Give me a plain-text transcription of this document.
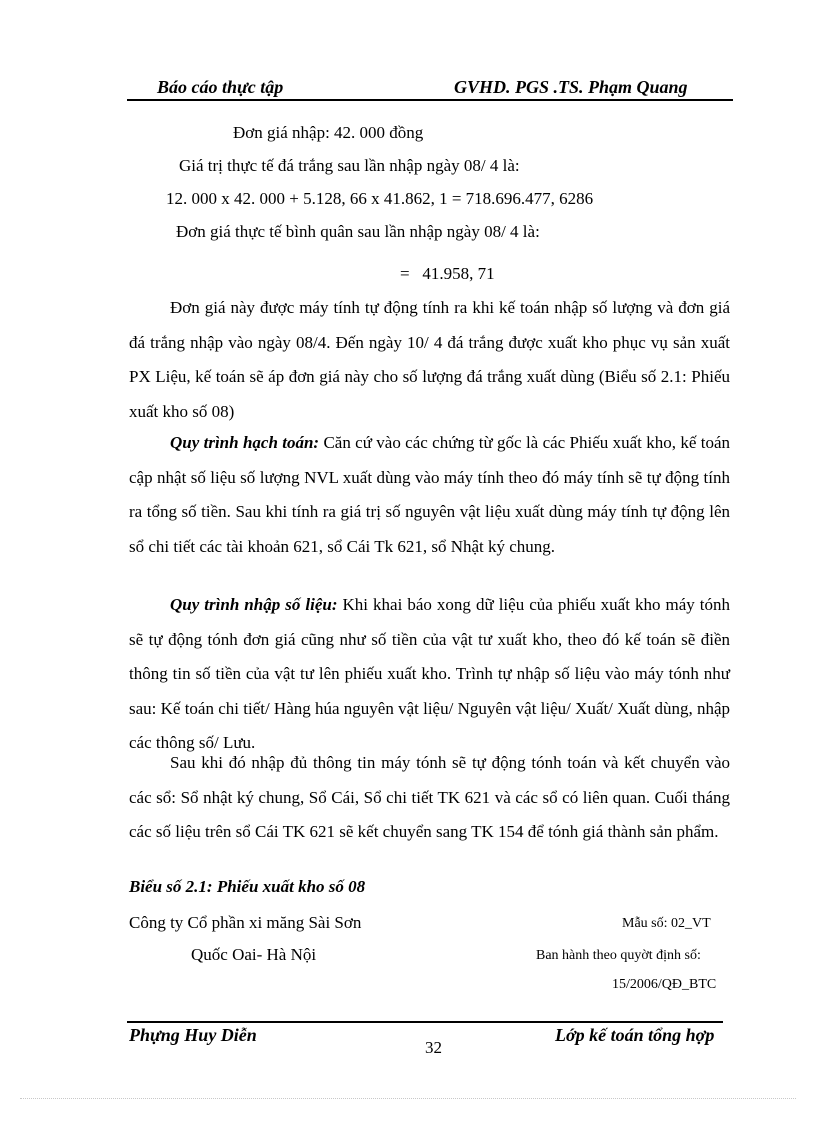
Báo cáo thực tập	GVHD. PGS .TS. Phạm Quang
Đơn giá nhập: 42. 000 đồng
Giá trị thực tế đá trắng sau lần nhập ngày 08/ 4 là:
12. 000 x 42. 000 + 5.128, 66 x 41.862, 1 = 718.696.477, 6286
Đơn giá thực tế bình quân sau lần nhập ngày 08/ 4 là:
=   41.958, 71

Đơn giá này được máy tính tự động tính ra khi kế toán nhập số lượng và đơn giá đá trắng nhập vào ngày 08/4. Đến ngày 10/ 4 đá trắng được xuất kho phục vụ sản xuất PX Liệu, kế toán sẽ áp đơn giá này cho số lượng đá trắng xuất dùng (Biểu số 2.1: Phiếu xuất kho số 08)

Quy trình hạch toán: Căn cứ vào các chứng từ gốc là các Phiếu xuất kho, kế toán cập nhật số liệu số lượng NVL xuất dùng vào máy tính theo đó máy tính sẽ tự động tính ra tổng số tiền. Sau khi tính ra giá trị số nguyên vật liệu xuất dùng máy tính tự động lên sổ chi tiết các tài khoản 621, sổ Cái Tk 621, sổ Nhật ký chung.

Quy trình nhập số liệu: Khi khai báo xong dữ liệu của phiếu xuất kho máy tónh sẽ tự động tónh đơn giá cũng như số tiền của vật tư xuất kho, theo đó kế toán sẽ điền thông tin số tiền của vật tư lên phiếu xuất kho. Trình tự nhập số liệu vào máy tónh như sau: Kế toán chi tiết/ Hàng húa nguyên vật liệu/ Nguyên vật liệu/ Xuất/ Xuất dùng, nhập các thông số/ Lưu.

Sau khi đó nhập đủ thông tin máy tónh sẽ tự động tónh toán và kết chuyển vào các sổ: Sổ nhật ký chung, Sổ Cái, Sổ chi tiết TK 621 và các sổ có liên quan. Cuối tháng các số liệu trên sổ Cái TK 621 sẽ kết chuyển sang TK 154 để tónh giá thành sản phẩm.

Biểu số 2.1: Phiếu xuất kho số 08
Công ty Cổ phần xi măng Sài Sơn	Mẫu số: 02_VT
Quốc Oai- Hà Nội	Ban hành theo quyờt định số:
15/2006/QĐ_BTC
Phựng Huy Diễn	Lớp kế toán tổng hợp
32
